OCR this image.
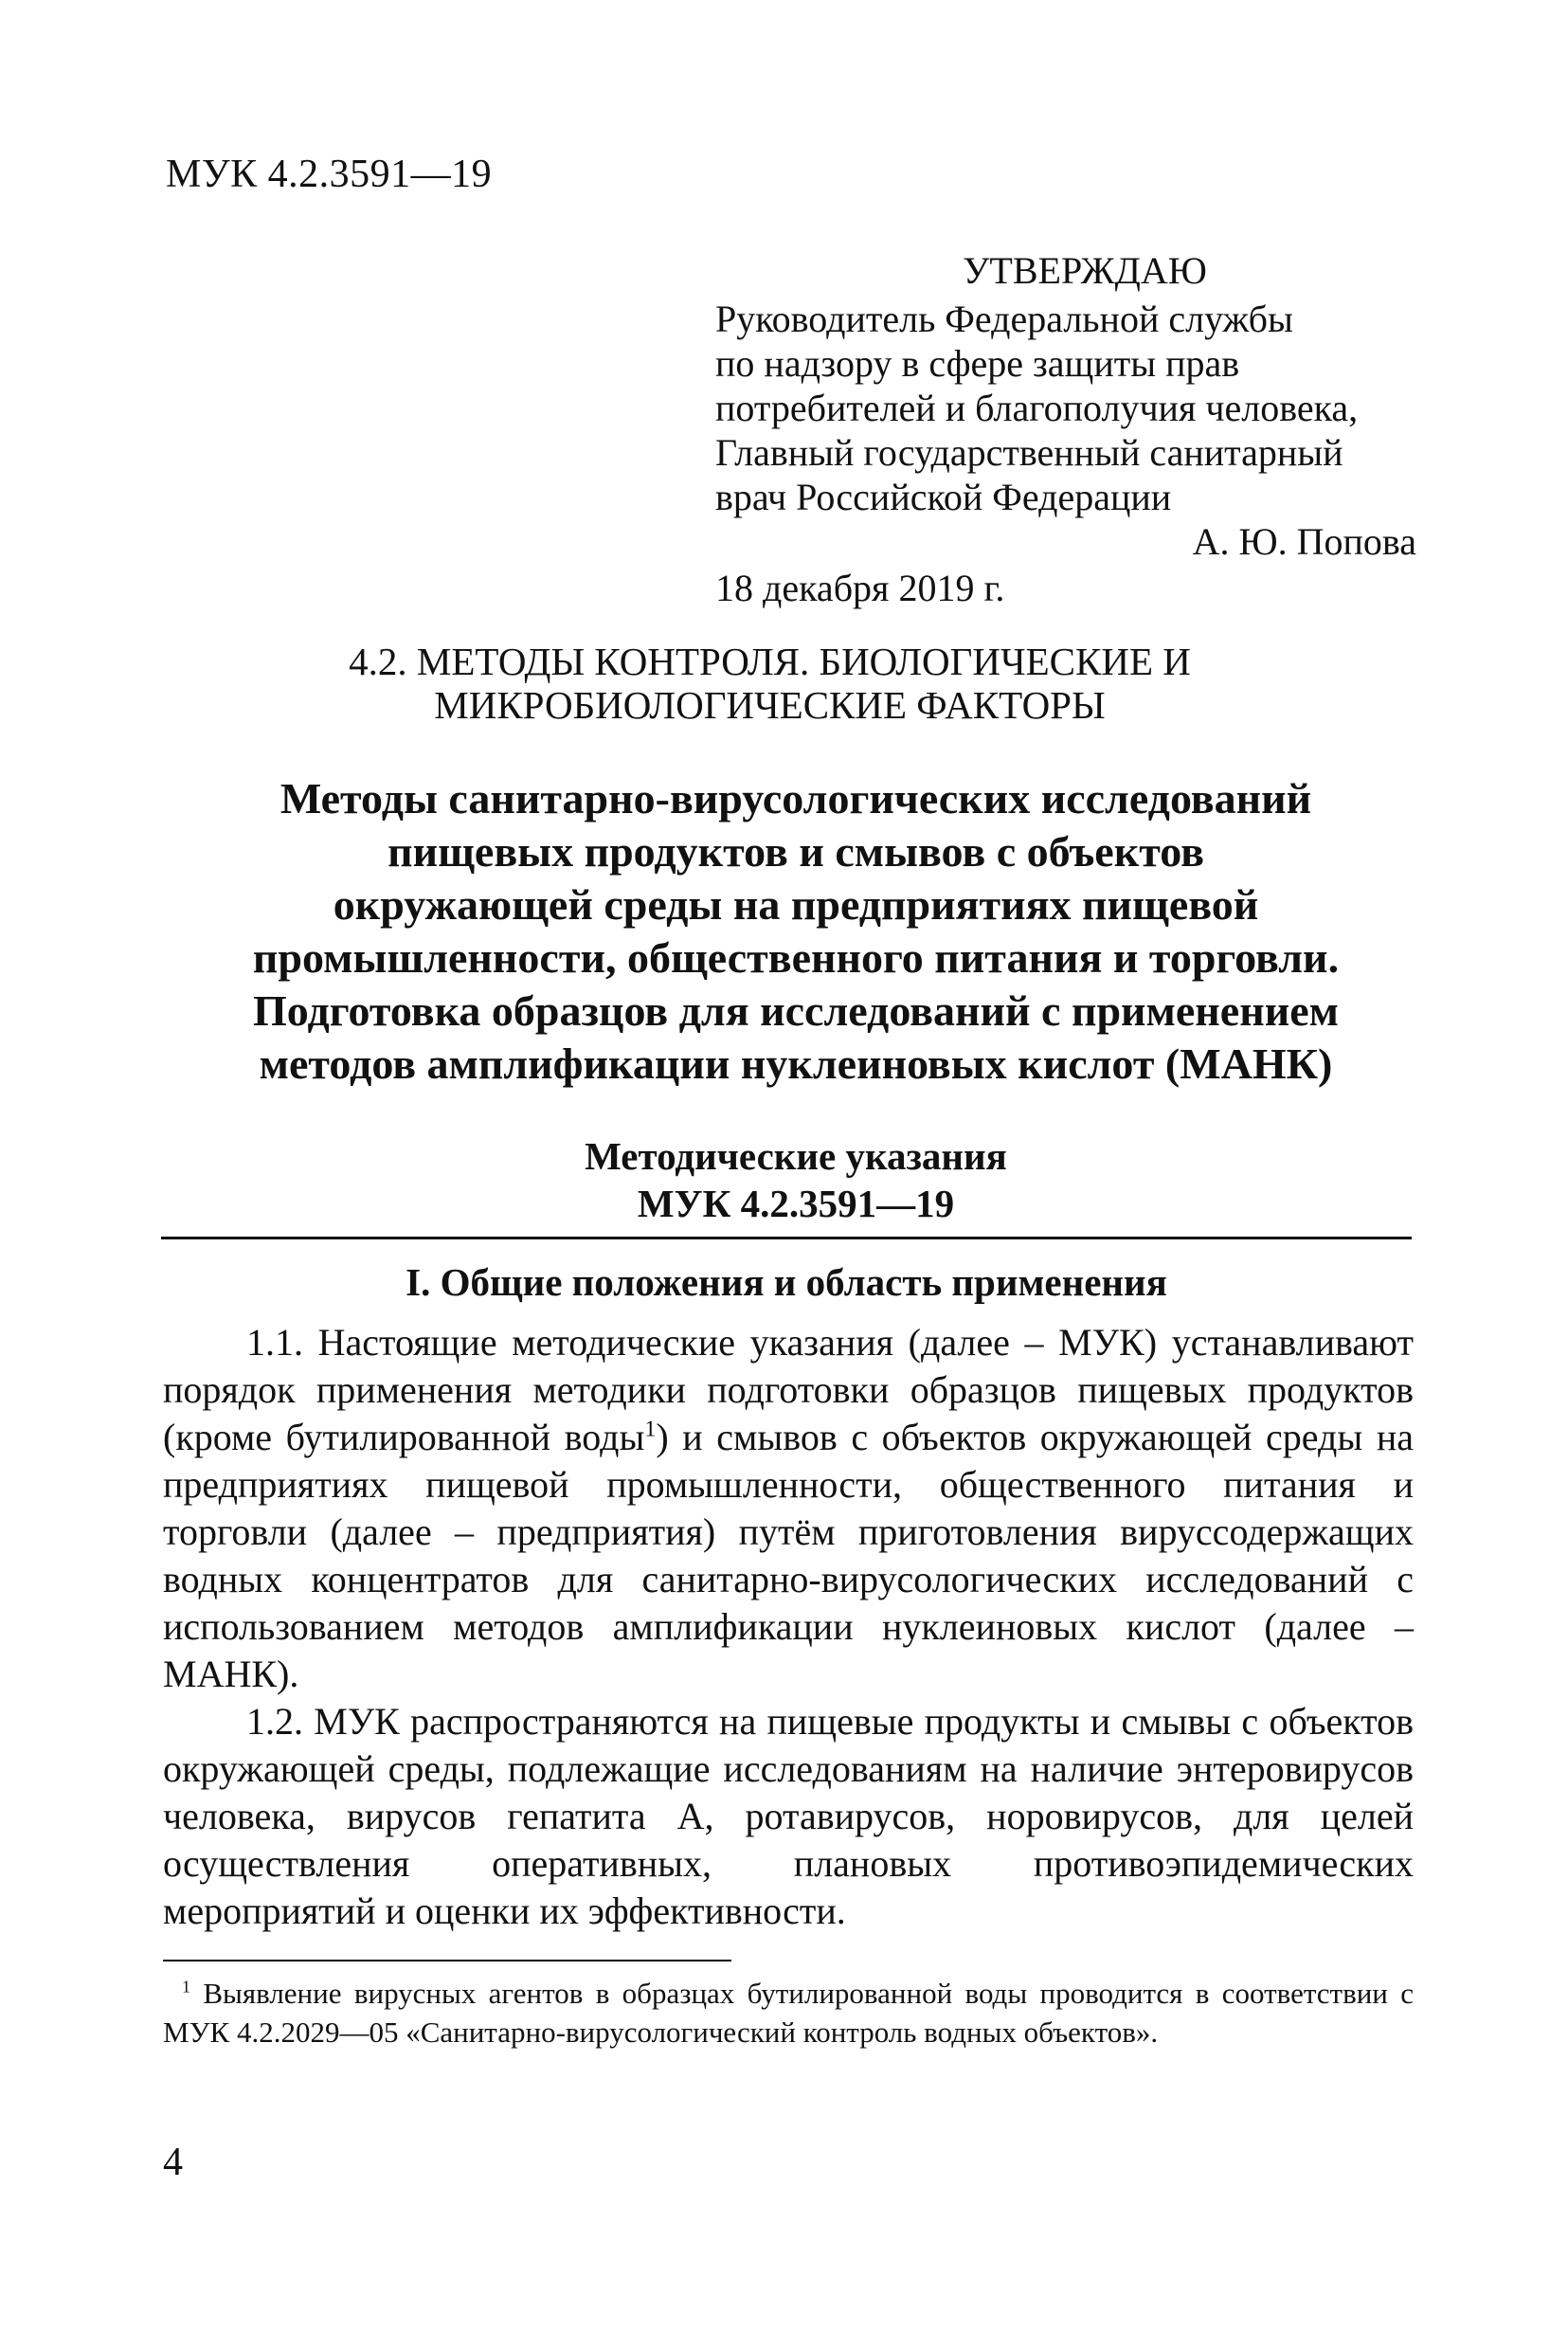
МУК 4.2.3591—19
УТВЕРЖДАЮ
Руководитель Федеральной службы
по надзору в сфере защиты прав
потребителей и благополучия человека,
Главный государственный санитарный
врач Российской Федерации
А. Ю. Попова
18 декабря 2019 г.
4.2. МЕТОДЫ КОНТРОЛЯ. БИОЛОГИЧЕСКИЕ И
МИКРОБИОЛОГИЧЕСКИЕ ФАКТОРЫ
Методы санитарно-вирусологических исследований
пищевых продуктов и смывов с объектов
окружающей среды на предприятиях пищевой
промышленности, общественного питания и торговли.
Подготовка образцов для исследований с применением
методов амплификации нуклеиновых кислот (МАНК)
Методические указания
МУК 4.2.3591—19
I. Общие положения и область применения

1.1. Настоящие методические указания (далее – МУК) устанавливают порядок применения методики подготовки образцов пищевых продуктов (кроме бутилированной воды$^1$) и смывов с объектов окружающей среды на предприятиях пищевой промышленности, общественного питания и торговли (далее – предприятия) путём приготовления вируссодержащих водных концентратов для санитарно-вирусологических исследований с использованием методов амплификации нуклеиновых кислот (далее – МАНК).

1.2. МУК распространяются на пищевые продукты и смывы с объектов окружающей среды, подлежащие исследованиям на наличие энтеровирусов человека, вирусов гепатита А, ротавирусов, норовирусов, для целей осуществления оперативных, плановых противоэпидемических мероприятий и оценки их эффективности.

$^1$ Выявление вирусных агентов в образцах бутилированной воды проводится в соответствии с МУК 4.2.2029—05 «Санитарно-вирусологический контроль водных объектов».
4
